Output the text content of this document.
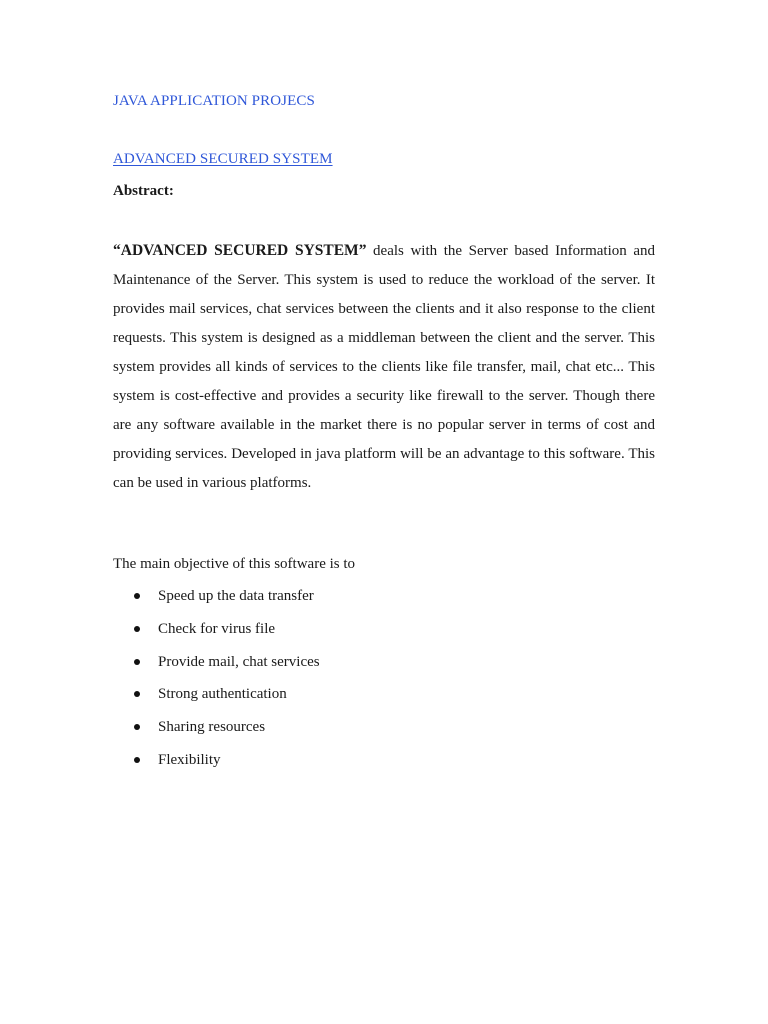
JAVA APPLICATION PROJECS
ADVANCED SECURED SYSTEM
Abstract:

“ADVANCED SECURED SYSTEM” deals with the Server based Information and Maintenance of the Server. This system is used to reduce the workload of the server. It provides mail services, chat services between the clients and it also response to the client requests. This system is designed as a middleman between the client and the server. This system provides all kinds of services to the clients like file transfer, mail, chat etc... This system is cost-effective and provides a security like firewall to the server. Though there are any software available in the market there is no popular server in terms of cost and providing services. Developed in java platform will be an advantage to this software. This can be used in various platforms.

The main objective of this software is to
Speed up the data transfer
Check for virus file
Provide mail, chat services
Strong authentication
Sharing resources
Flexibility
